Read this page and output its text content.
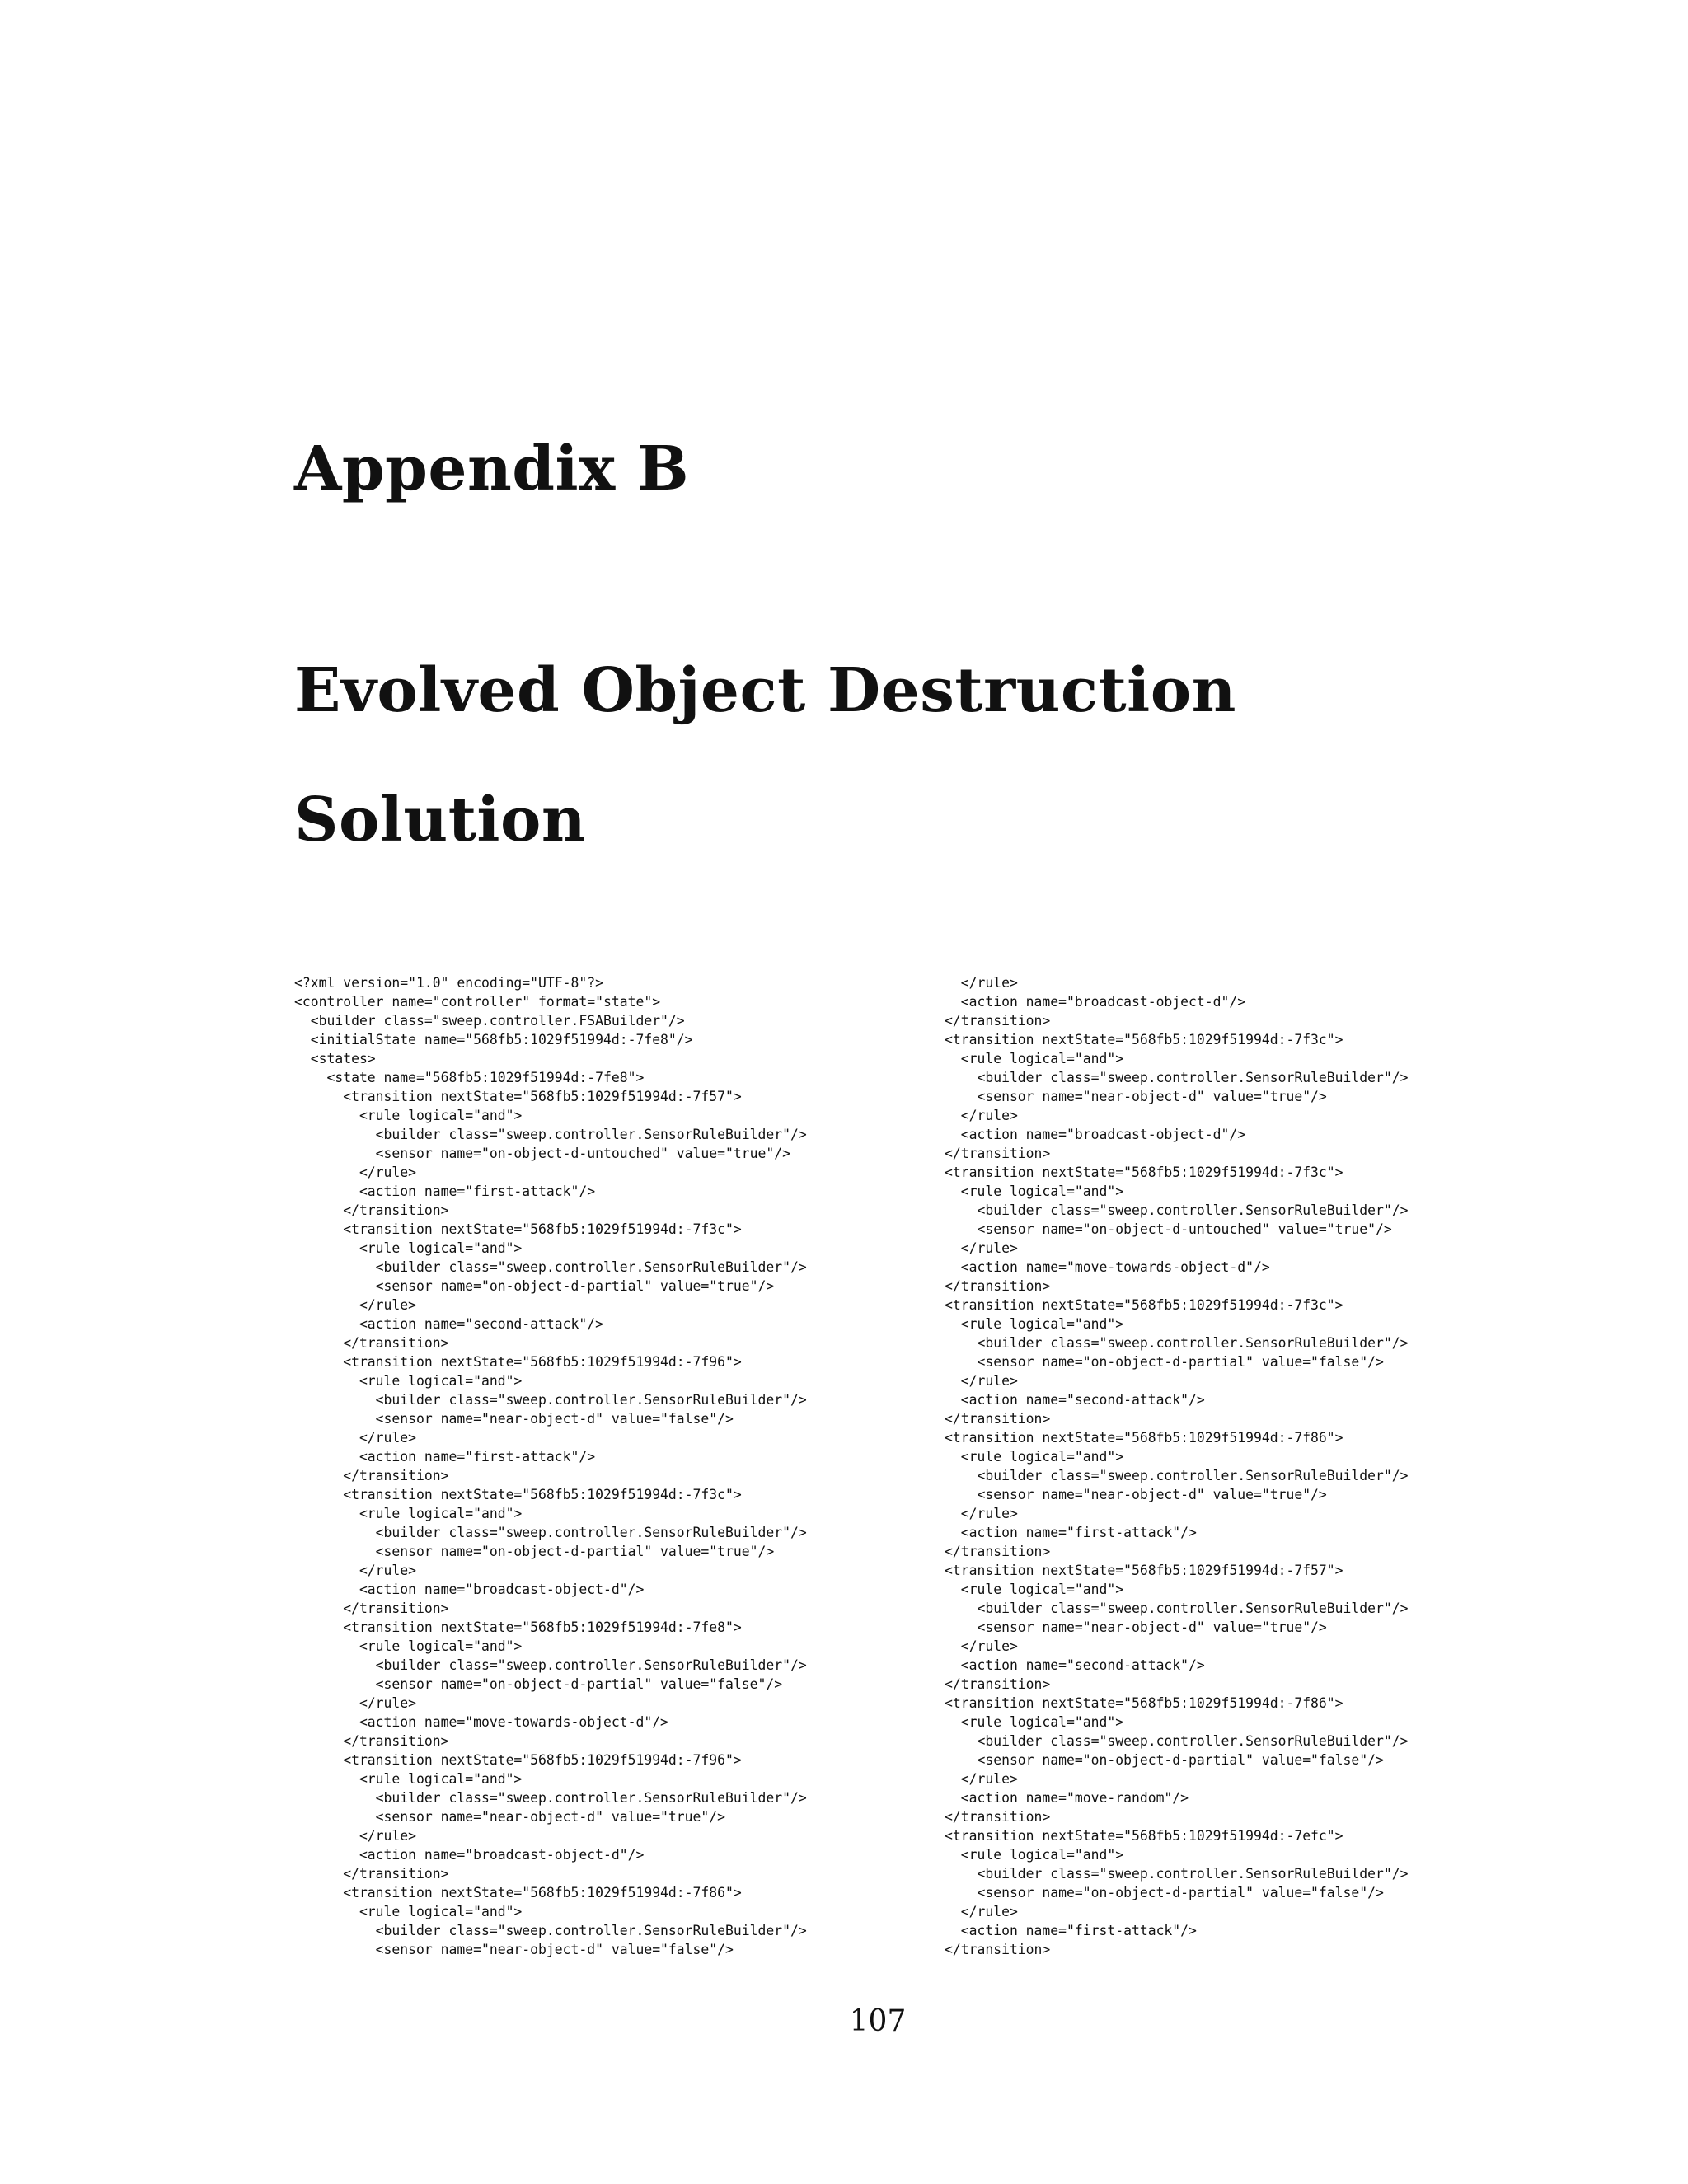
Appendix B
Evolved Object Destruction
Solution
<?xml version="1.0" encoding="UTF-8"?>
<controller name="controller" format="state">
<builder class="sweep.controller.FSABuilder"/>
<initialState name="568fb5:1029f51994d:-7fe8"/>
<states>
<state name="568fb5:1029f51994d:-7fe8">
<transition nextState="568fb5:1029f51994d:-7f57">
<rule logical="and">
<builder class="sweep.controller.SensorRuleBuilder"/>
<sensor name="on-object-d-untouched" value="true"/>
</rule>
<action name="first-attack"/>
</transition>
<transition nextState="568fb5:1029f51994d:-7f3c">
<rule logical="and">
<builder class="sweep.controller.SensorRuleBuilder"/>
<sensor name="on-object-d-partial" value="true"/>
</rule>
<action name="second-attack"/>
</transition>
<transition nextState="568fb5:1029f51994d:-7f96">
<rule logical="and">
<builder class="sweep.controller.SensorRuleBuilder"/>
<sensor name="near-object-d" value="false"/>
</rule>
<action name="first-attack"/>
</transition>
<transition nextState="568fb5:1029f51994d:-7f3c">
<rule logical="and">
<builder class="sweep.controller.SensorRuleBuilder"/>
<sensor name="on-object-d-partial" value="true"/>
</rule>
<action name="broadcast-object-d"/>
</transition>
<transition nextState="568fb5:1029f51994d:-7fe8">
<rule logical="and">
<builder class="sweep.controller.SensorRuleBuilder"/>
<sensor name="on-object-d-partial" value="false"/>
</rule>
<action name="move-towards-object-d"/>
</transition>
<transition nextState="568fb5:1029f51994d:-7f96">
<rule logical="and">
<builder class="sweep.controller.SensorRuleBuilder"/>
<sensor name="near-object-d" value="true"/>
</rule>
<action name="broadcast-object-d"/>
</transition>
<transition nextState="568fb5:1029f51994d:-7f86">
<rule logical="and">
<builder class="sweep.controller.SensorRuleBuilder"/>
<sensor name="near-object-d" value="false"/>
</rule>
<action name="broadcast-object-d"/>
</transition>
<transition nextState="568fb5:1029f51994d:-7f3c">
<rule logical="and">
<builder class="sweep.controller.SensorRuleBuilder"/>
<sensor name="near-object-d" value="true"/>
</rule>
<action name="broadcast-object-d"/>
</transition>
<transition nextState="568fb5:1029f51994d:-7f3c">
<rule logical="and">
<builder class="sweep.controller.SensorRuleBuilder"/>
<sensor name="on-object-d-untouched" value="true"/>
</rule>
<action name="move-towards-object-d"/>
</transition>
<transition nextState="568fb5:1029f51994d:-7f3c">
<rule logical="and">
<builder class="sweep.controller.SensorRuleBuilder"/>
<sensor name="on-object-d-partial" value="false"/>
</rule>
<action name="second-attack"/>
</transition>
<transition nextState="568fb5:1029f51994d:-7f86">
<rule logical="and">
<builder class="sweep.controller.SensorRuleBuilder"/>
<sensor name="near-object-d" value="true"/>
</rule>
<action name="first-attack"/>
</transition>
<transition nextState="568fb5:1029f51994d:-7f57">
<rule logical="and">
<builder class="sweep.controller.SensorRuleBuilder"/>
<sensor name="near-object-d" value="true"/>
</rule>
<action name="second-attack"/>
</transition>
<transition nextState="568fb5:1029f51994d:-7f86">
<rule logical="and">
<builder class="sweep.controller.SensorRuleBuilder"/>
<sensor name="on-object-d-partial" value="false"/>
</rule>
<action name="move-random"/>
</transition>
<transition nextState="568fb5:1029f51994d:-7efc">
<rule logical="and">
<builder class="sweep.controller.SensorRuleBuilder"/>
<sensor name="on-object-d-partial" value="false"/>
</rule>
<action name="first-attack"/>
</transition>
107
